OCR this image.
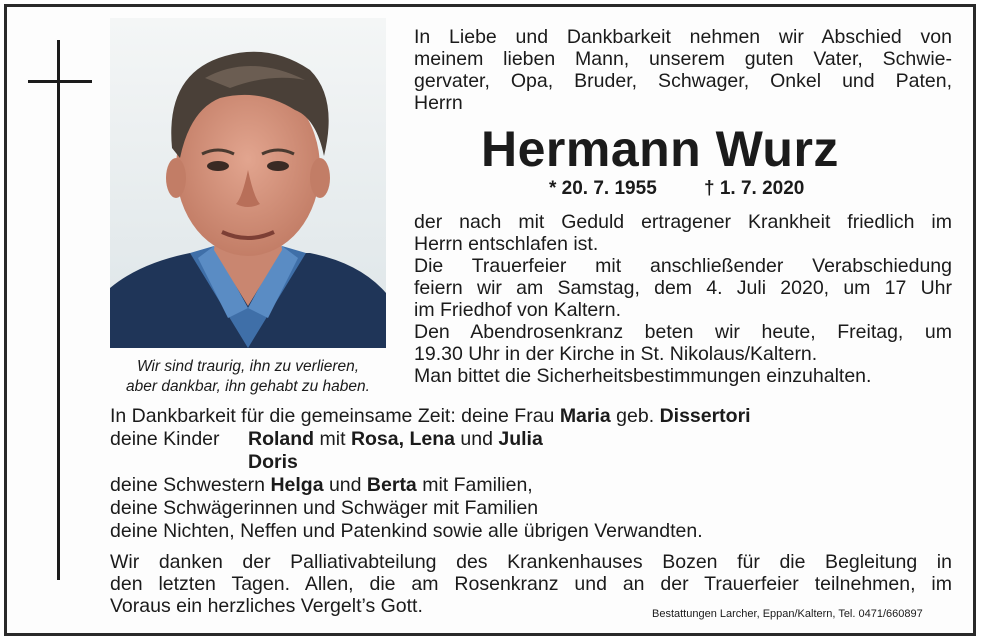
Wir sind traurig, ihn zu verlieren,
aber dankbar, ihn gehabt zu haben.
In Liebe und Dankbarkeit nehmen wir Abschied von
meinem lieben Mann, unserem guten Vater, Schwie-
gervater, Opa, Bruder, Schwager, Onkel und Paten,
Herrn
Hermann Wurz
* 20. 7. 1955 † 1. 7. 2020
der nach mit Geduld ertragener Krankheit friedlich im
Herrn entschlafen ist.
Die Trauerfeier mit anschließender Verabschiedung
feiern wir am Samstag, dem 4. Juli 2020, um 17 Uhr
im Friedhof von Kaltern.
Den Abendrosenkranz beten wir heute, Freitag, um
19.30 Uhr in der Kirche in St. Nikolaus/Kaltern.
Man bittet die Sicherheitsbestimmungen einzuhalten.
In Dankbarkeit für die gemeinsame Zeit: deine Frau Maria geb. Dissertori
deine Kinder Roland mit Rosa, Lena und Julia
Doris
deine Schwestern Helga und Berta mit Familien,
deine Schwägerinnen und Schwäger mit Familien
deine Nichten, Neffen und Patenkind sowie alle übrigen Verwandten.
Wir danken der Palliativabteilung des Krankenhauses Bozen für die Begleitung in
den letzten Tagen. Allen, die am Rosenkranz und an der Trauerfeier teilnehmen, im
Voraus ein herzliches Vergelt’s Gott.	Bestattungen Larcher, Eppan/Kaltern, Tel. 0471/660897
